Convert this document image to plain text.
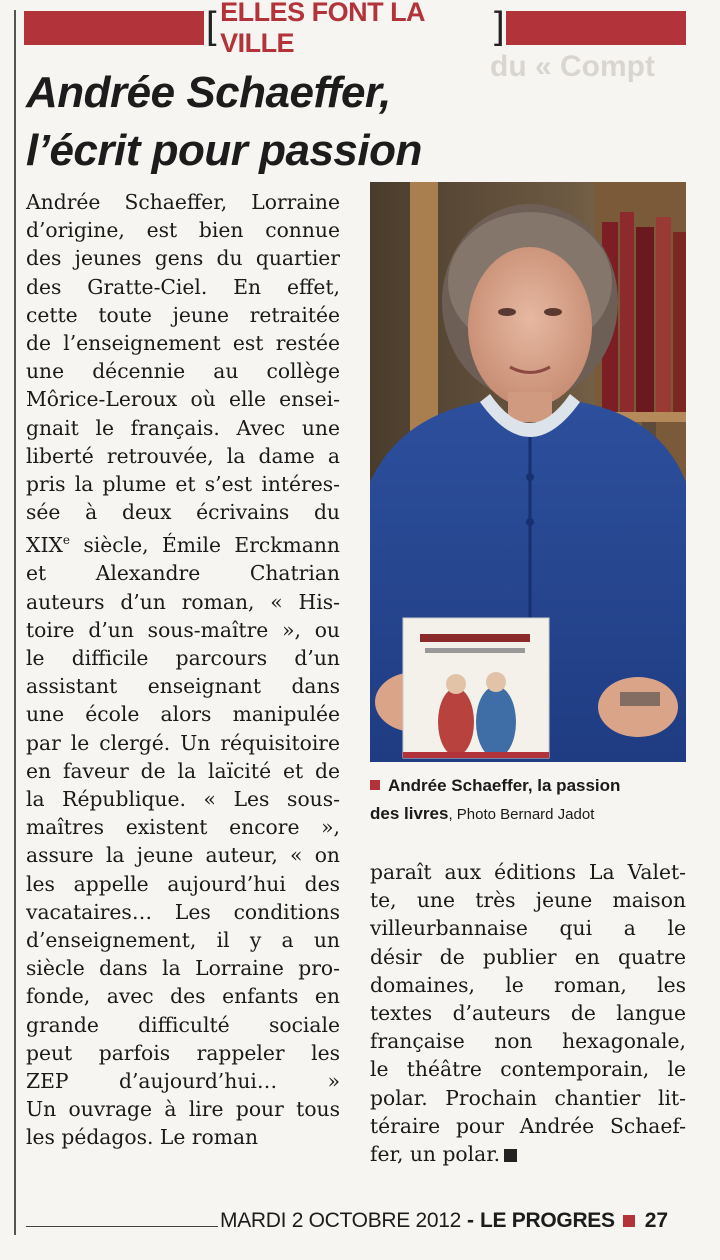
[ ELLES FONT LA VILLE	]
du « Compt
Andrée Schaeffer,
l’écrit pour passion
Andrée Schaeffer, Lorraine
d’origine, est bien connue
des jeunes gens du quartier
des Gratte-Ciel. En effet,
cette toute jeune retraitée
de l’enseignement est restée
une décennie au collège
Môrice-Leroux où elle ensei-
gnait le français. Avec une
liberté retrouvée, la dame a
pris la plume et s’est intéres-
sée à deux écrivains du
XIXe siècle, Émile Erckmann
et Alexandre Chatrian
auteurs d’un roman, « His-
toire d’un sous-maître », ou
le difficile parcours d’un
assistant enseignant dans
une école alors manipulée
par le clergé. Un réquisitoire
en faveur de la laïcité et de
la République. « Les sous-
maîtres existent encore »,
assure la jeune auteur, « on
les appelle aujourd’hui des
vacataires… Les conditions
d’enseignement, il y a un
siècle dans la Lorraine pro-
fonde, avec des enfants en
grande difficulté sociale
peut parfois rappeler les
ZEP d’aujourd’hui… »
Un ouvrage à lire pour tous
les pédagos. Le roman
Andrée Schaeffer, la passion
des livres, Photo Bernard Jadot
paraît aux éditions La Valet-
te, une très jeune maison
villeurbannaise qui a le
désir de publier en quatre
domaines, le roman, les
textes d’auteurs de langue
française non hexagonale,
le théâtre contemporain, le
polar. Prochain chantier lit-
téraire pour Andrée Schaef-
fer, un polar.
MARDI 2 OCTOBRE 2012 - LE PROGRES 27
